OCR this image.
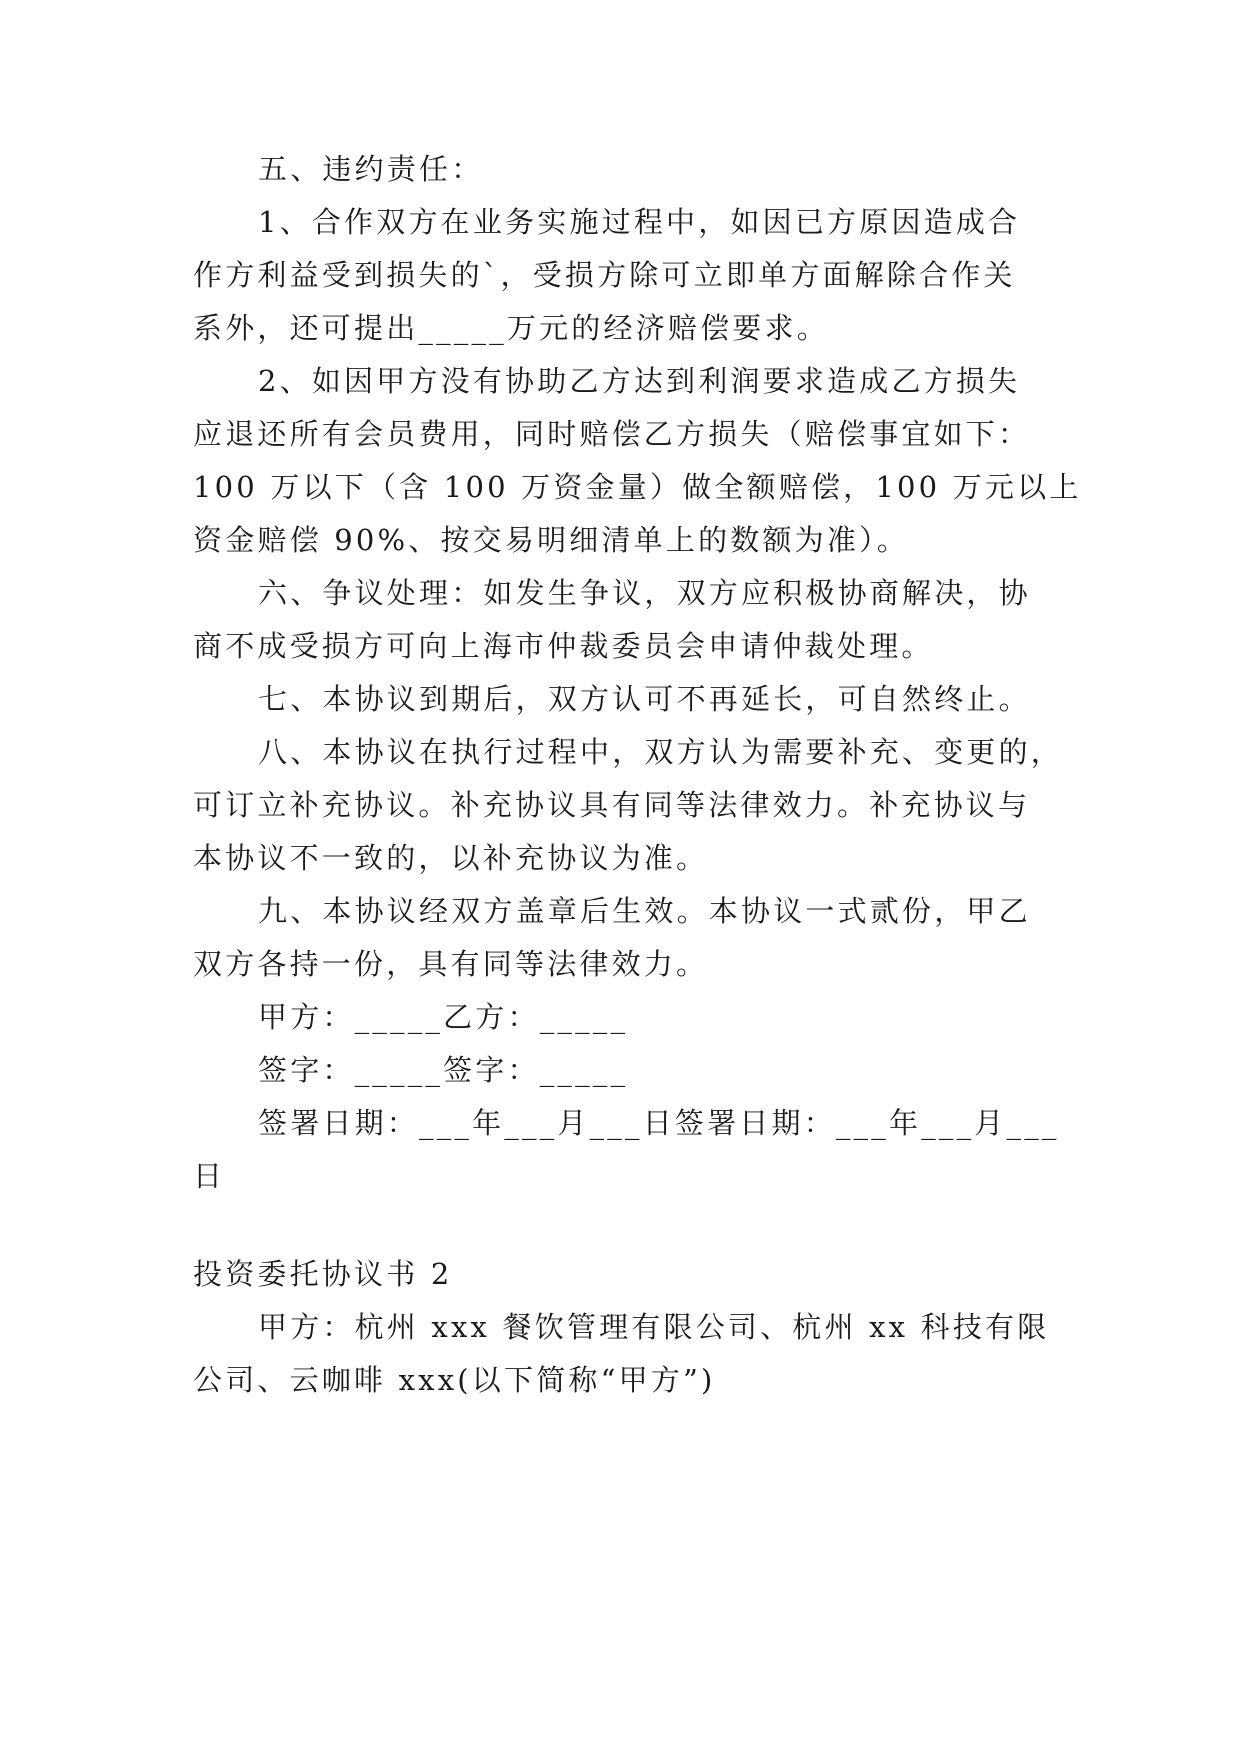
五、违约责任：
1、合作双方在业务实施过程中，如因已方原因造成合
作方利益受到损失的`，受损方除可立即单方面解除合作关
系外，还可提出_____万元的经济赔偿要求。
2、如因甲方没有协助乙方达到利润要求造成乙方损失
应退还所有会员费用，同时赔偿乙方损失（赔偿事宜如下：
100 万以下（含 100 万资金量）做全额赔偿，100 万元以上
资金赔偿 90%、按交易明细清单上的数额为准）。
六、争议处理：如发生争议，双方应积极协商解决，协
商不成受损方可向上海市仲裁委员会申请仲裁处理。
七、本协议到期后，双方认可不再延长，可自然终止。
八、本协议在执行过程中，双方认为需要补充、变更的，
可订立补充协议。补充协议具有同等法律效力。补充协议与
本协议不一致的，以补充协议为准。
九、本协议经双方盖章后生效。本协议一式贰份，甲乙
双方各持一份，具有同等法律效力。
甲方：_____乙方：_____
签字：_____签字：_____
签署日期：___年___月___日签署日期：___年___月___
日
投资委托协议书 2
甲方：杭州 xxx 餐饮管理有限公司、杭州 xx 科技有限
公司、云咖啡 xxx(以下简称“甲方”)
